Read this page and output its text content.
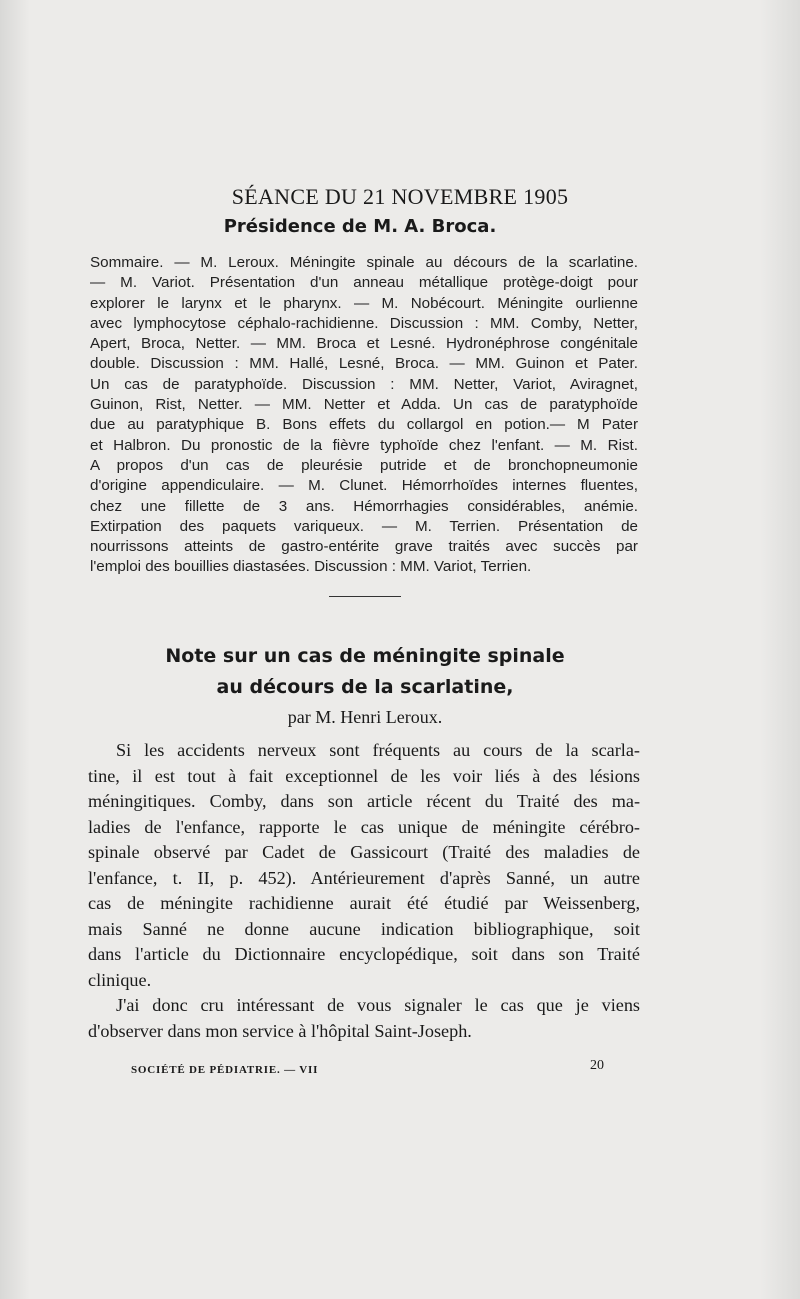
SÉANCE DU 21 NOVEMBRE 1905
Présidence de M. A. Broca.
Sommaire. — M. Leroux. Méningite spinale au décours de la scarlatine.
— M. Variot. Présentation d'un anneau métallique protège-doigt pour
explorer le larynx et le pharynx. — M. Nobécourt. Méningite ourlienne
avec lymphocytose céphalo-rachidienne. Discussion : MM. Comby, Netter,
Apert, Broca, Netter. — MM. Broca et Lesné. Hydronéphrose congénitale
double. Discussion : MM. Hallé, Lesné, Broca. — MM. Guinon et Pater.
Un cas de paratyphoïde. Discussion : MM. Netter, Variot, Aviragnet,
Guinon, Rist, Netter. — MM. Netter et Adda. Un cas de paratyphoïde
due au paratyphique B. Bons effets du collargol en potion.— M Pater
et Halbron. Du pronostic de la fièvre typhoïde chez l'enfant. — M. Rist.
A propos d'un cas de pleurésie putride et de bronchopneumonie
d'origine appendiculaire. — M. Clunet. Hémorrhoïdes internes fluentes,
chez une fillette de 3 ans. Hémorrhagies considérables, anémie.
Extirpation des paquets variqueux. — M. Terrien. Présentation de
nourrissons atteints de gastro-entérite grave traités avec succès par
l'emploi des bouillies diastasées. Discussion : MM. Variot, Terrien.
Note sur un cas de méningite spinale
au décours de la scarlatine,
par M. Henri Leroux.
Si les accidents nerveux sont fréquents au cours de la scarla-
tine, il est tout à fait exceptionnel de les voir liés à des lésions
méningitiques. Comby, dans son article récent du Traité des ma-
ladies de l'enfance, rapporte le cas unique de méningite cérébro-
spinale observé par Cadet de Gassicourt (Traité des maladies de
l'enfance, t. II, p. 452). Antérieurement d'après Sanné, un autre
cas de méningite rachidienne aurait été étudié par Weissenberg,
mais Sanné ne donne aucune indication bibliographique, soit
dans l'article du Dictionnaire encyclopédique, soit dans son Traité
clinique.
J'ai donc cru intéressant de vous signaler le cas que je viens
d'observer dans mon service à l'hôpital Saint-Joseph.
SOCIÉTÉ DE PÉDIATRIE. — VII	20
